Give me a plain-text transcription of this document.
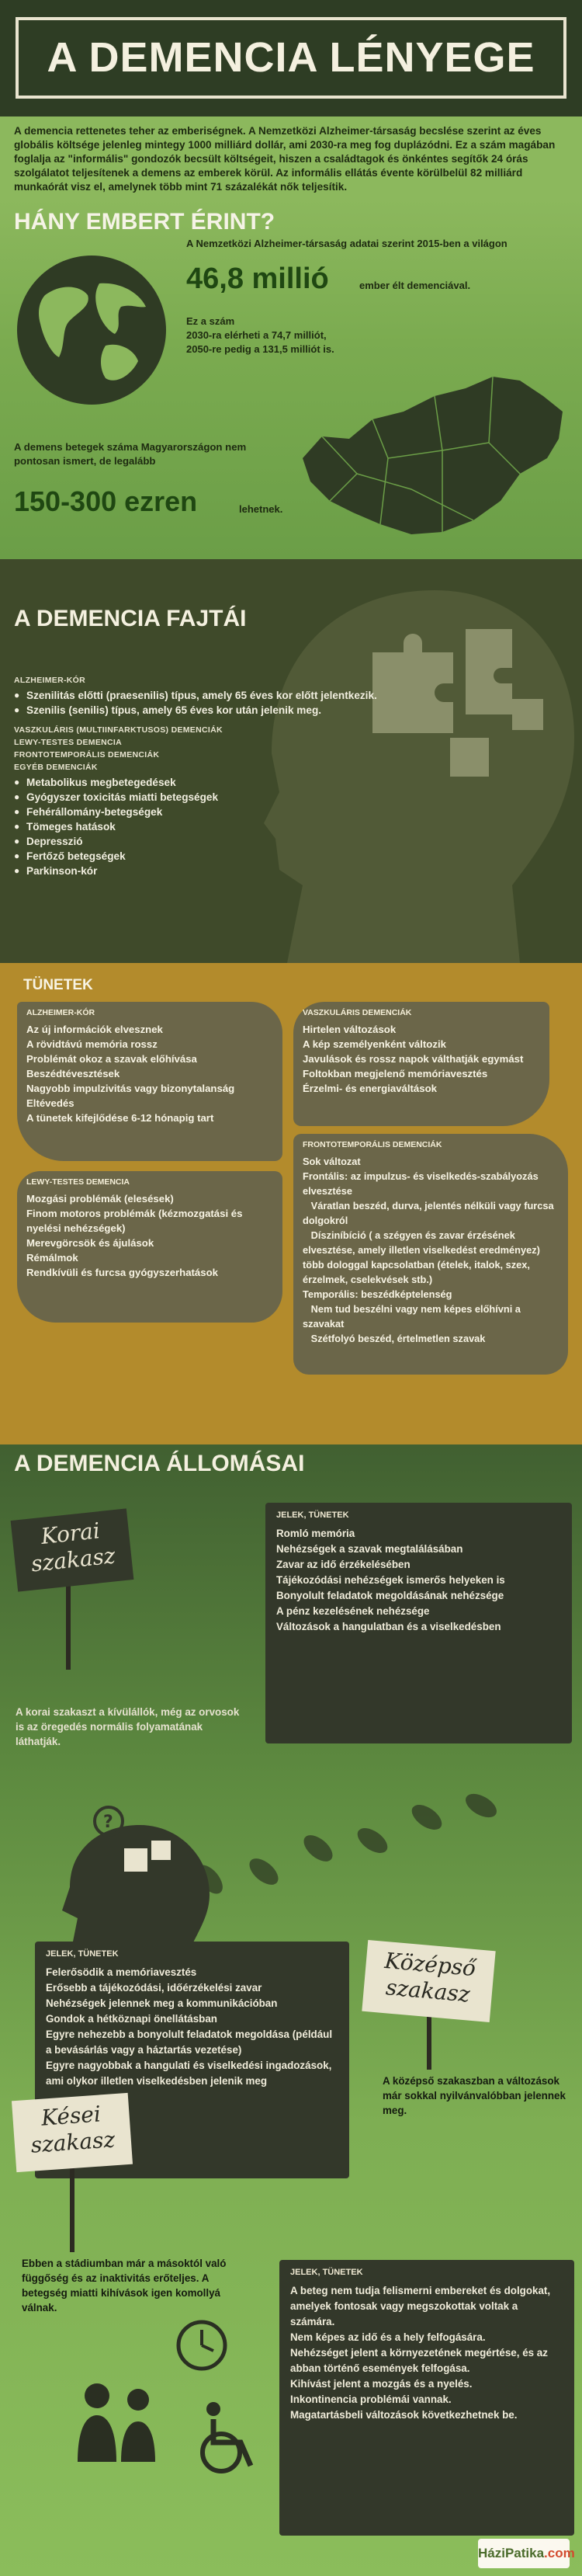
A DEMENCIA LÉNYEGE

A demencia rettenetes teher az emberiségnek. A Nemzetközi Alzheimer-társaság becslése szerint az éves globális költsége jelenleg mintegy 1000 milliárd dollár, ami 2030-ra meg fog duplázódni. Ez a szám magában foglalja az "informális" gondozók becsült költségeit, hiszen a családtagok és önkéntes segítők 24 órás szolgálatot teljesítenek a demens az emberek körül. Az informális ellátás évente körülbelül 82 milliárd munkaórát visz el, amelynek több mint 71 százalékát nők teljesítik.

HÁNY EMBERT ÉRINT?
A Nemzetközi Alzheimer-társaság adatai szerint 2015-ben a világon
46,8 millió	ember élt demenciával.
Ez a szám
2030-ra elérheti a 74,7 milliót,
2050-re pedig a 131,5 milliót is.
A demens betegek száma Magyarországon nem pontosan ismert, de legalább
150-300 ezren	lehetnek.
A DEMENCIA FAJTÁI
ALZHEIMER-KÓR
● Szenilitás előtti (praesenilis) típus, amely 65 éves kor előtt jelentkezik.
● Szenilis (senilis) típus, amely 65 éves kor után jelenik meg.
VASZKULÁRIS (MULTIINFARKTUSOS) DEMENCIÁK
LEWY-TESTES DEMENCIA
FRONTOTEMPORÁLIS DEMENCIÁK
EGYÉB DEMENCIÁK
● Metabolikus megbetegedések
● Gyógyszer toxicitás miatti betegségek
● Fehérállomány-betegségek
● Tömeges hatások
● Depresszió
● Fertőző betegségek
● Parkinson-kór
TÜNETEK
ALZHEIMER-KÓR

Az új információk elvesznek
A rövidtávú memória rossz
Problémát okoz a szavak előhívása
Beszédtévesztések
Nagyobb impulzivitás vagy bizonytalanság
Eltévedés
A tünetek kifejlődése 6-12 hónapig tart

VASZKULÁRIS DEMENCIÁK

Hirtelen változások
A kép személyenként változik
Javulások és rossz napok válthatják egymást
Foltokban megjelenő memóriavesztés
Érzelmi- és energiaváltások

LEWY-TESTES DEMENCIA

Mozgási problémák (elesések)
Finom motoros problémák (kézmozgatási és nyelési nehézségek)
Merevgörcsök és ájulások
Rémálmok
Rendkívüli és furcsa gyógyszerhatások

FRONTOTEMPORÁLIS DEMENCIÁK

Sok változat
Frontális: az impulzus- és viselkedés-szabályozás elvesztése
Váratlan beszéd, durva, jelentés nélküli vagy furcsa dolgokról
Dísziníbíció ( a szégyen és zavar érzésének elvesztése, amely illetlen viselkedést eredményez) több dologgal kapcsolatban (ételek, italok, szex, érzelmek, cselekvések stb.)
Temporális: beszédképtelenség
Nem tud beszélni vagy nem képes előhívni a szavakat
Szétfolyó beszéd, értelmetlen szavak

A DEMENCIA ÁLLOMÁSAI
Korai szakasz
JELEK, TÜNETEK

Romló memória
Nehézségek a szavak megtalálásában
Zavar az idő érzékelésében
Tájékozódási nehézségek ismerős helyeken is
Bonyolult feladatok megoldásának nehézsége
A pénz kezelésének nehézsége
Változások a hangulatban és a viselkedésben

A korai szakaszt a kívülállók, még az orvosok is az öregedés normális folyamatának láthatják.
?
JELEK, TÜNETEK

Felerősödik a memóriavesztés
Erősebb a tájékozódási, időérzékelési zavar
Nehézségek jelennek meg a kommunikációban
Gondok a hétköznapi önellátásban
Egyre nehezebb a bonyolult feladatok megoldása (például a bevásárlás vagy a háztartás vezetése)
Egyre nagyobbak a hangulati és viselkedési ingadozások, ami olykor illetlen viselkedésben jelenik meg

Középső szakasz
A középső szakaszban a változások már sokkal nyilvánvalóbban jelennek meg.
Kései szakasz
Ebben a stádiumban már a másoktól való függőség és az inaktivitás erőteljes. A betegség miatti kihívások igen komollyá válnak.
JELEK, TÜNETEK

A beteg nem tudja felismerni embereket és dolgokat, amelyek fontosak vagy megszokottak voltak a számára.
Nem képes az idő és a hely felfogására.
Nehézséget jelent a környezetének megértése, és az abban történő események felfogása.
Kihívást jelent a mozgás és a nyelés.
Inkontinencia problémái vannak.
Magatartásbeli változások következhetnek be.

HáziPatika.com
